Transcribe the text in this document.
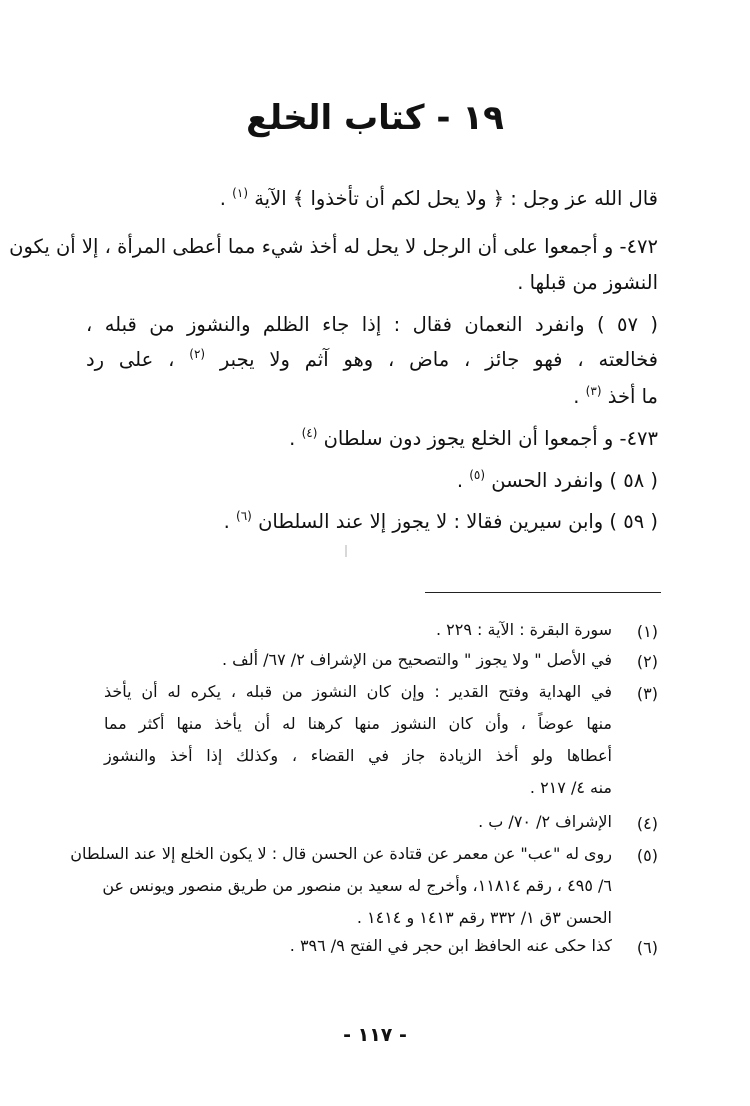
١٩ - كتاب الخلع
قال الله عز وجل : ﴿ ولا يحل لكم أن تأخذوا ﴾ الآية $^{(١)}$ .
٤٧٢- و أجمعوا على أن الرجل لا يحل له أخذ شيء مما أعطى المرأة ، إلا أن يكون
النشوز من قبلها .
( ٥٧ ) وانفرد النعمان فقال : إذا جاء الظلم والنشوز من قبله ،
فخالعته ، فهو جائز ، ماض ، وهو آثم ولا يجبر $^{(٢)}$ ، على رد
ما أخذ $^{(٣)}$ .
٤٧٣- و أجمعوا أن الخلع يجوز دون سلطان $^{(٤)}$ .
( ٥٨ ) وانفرد الحسن $^{(٥)}$ .
( ٥٩ ) وابن سيرين فقالا : لا يجوز إلا عند السلطان $^{(٦)}$ .
(١)
سورة البقرة : الآية : ٢٢٩ .
(٢)
في الأصل " ولا يجوز " والتصحيح من الإشراف ٢/ ٦٧/ ألف .
(٣)
في الهداية وفتح القدير : وإن كان النشوز من قبله ، يكره له أن يأخذ
منها عوضاً ، وأن كان النشوز منها كرهنا له أن يأخذ منها أكثر مما
أعطاها ولو أخذ الزيادة جاز في القضاء ، وكذلك إذا أخذ والنشوز
منه ٤/ ٢١٧ .
(٤)
الإشراف ٢/ ٧٠/ ب .
(٥)
روى له "عب" عن معمر عن قتادة عن الحسن قال : لا يكون الخلع إلا عند السلطان
٦/ ٤٩٥ ، رقم ١١٨١٤، وأخرج له سعيد بن منصور من طريق منصور ويونس عن
الحسن ٣ق ١/ ٣٣٢ رقم ١٤١٣ و ١٤١٤ .
(٦)
كذا حكى عنه الحافظ ابن حجر في الفتح ٩/ ٣٩٦ .
- ١١٧ -
